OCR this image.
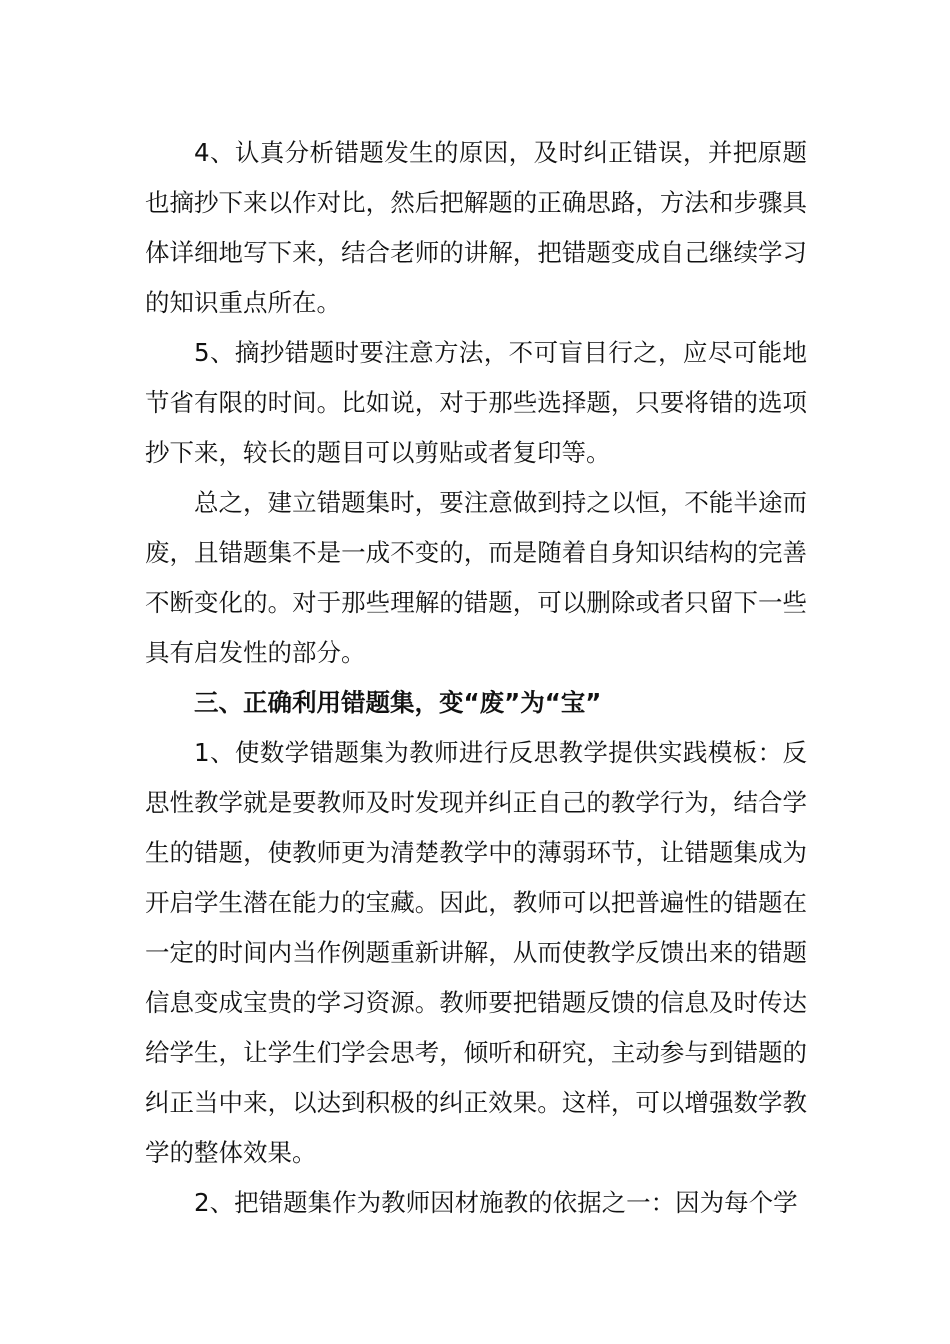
4、认真分析错题发生的原因，及时纠正错误，并把原题也摘抄下来以作对比，然后把解题的正确思路，方法和步骤具体详细地写下来，结合老师的讲解，把错题变成自己继续学习的知识重点所在。

5、摘抄错题时要注意方法，不可盲目行之，应尽可能地节省有限的时间。比如说，对于那些选择题，只要将错的选项抄下来，较长的题目可以剪贴或者复印等。

总之，建立错题集时，要注意做到持之以恒，不能半途而废，且错题集不是一成不变的，而是随着自身知识结构的完善不断变化的。对于那些理解的错题，可以删除或者只留下一些具有启发性的部分。

三、正确利用错题集，变“废”为“宝”

1、使数学错题集为教师进行反思教学提供实践模板：反思性教学就是要教师及时发现并纠正自己的教学行为，结合学生的错题，使教师更为清楚教学中的薄弱环节，让错题集成为开启学生潜在能力的宝藏。因此，教师可以把普遍性的错题在一定的时间内当作例题重新讲解，从而使教学反馈出来的错题信息变成宝贵的学习资源。教师要把错题反馈的信息及时传达给学生，让学生们学会思考，倾听和研究，主动参与到错题的纠正当中来，以达到积极的纠正效果。这样，可以增强数学教学的整体效果。

2、把错题集作为教师因材施教的依据之一：因为每个学
